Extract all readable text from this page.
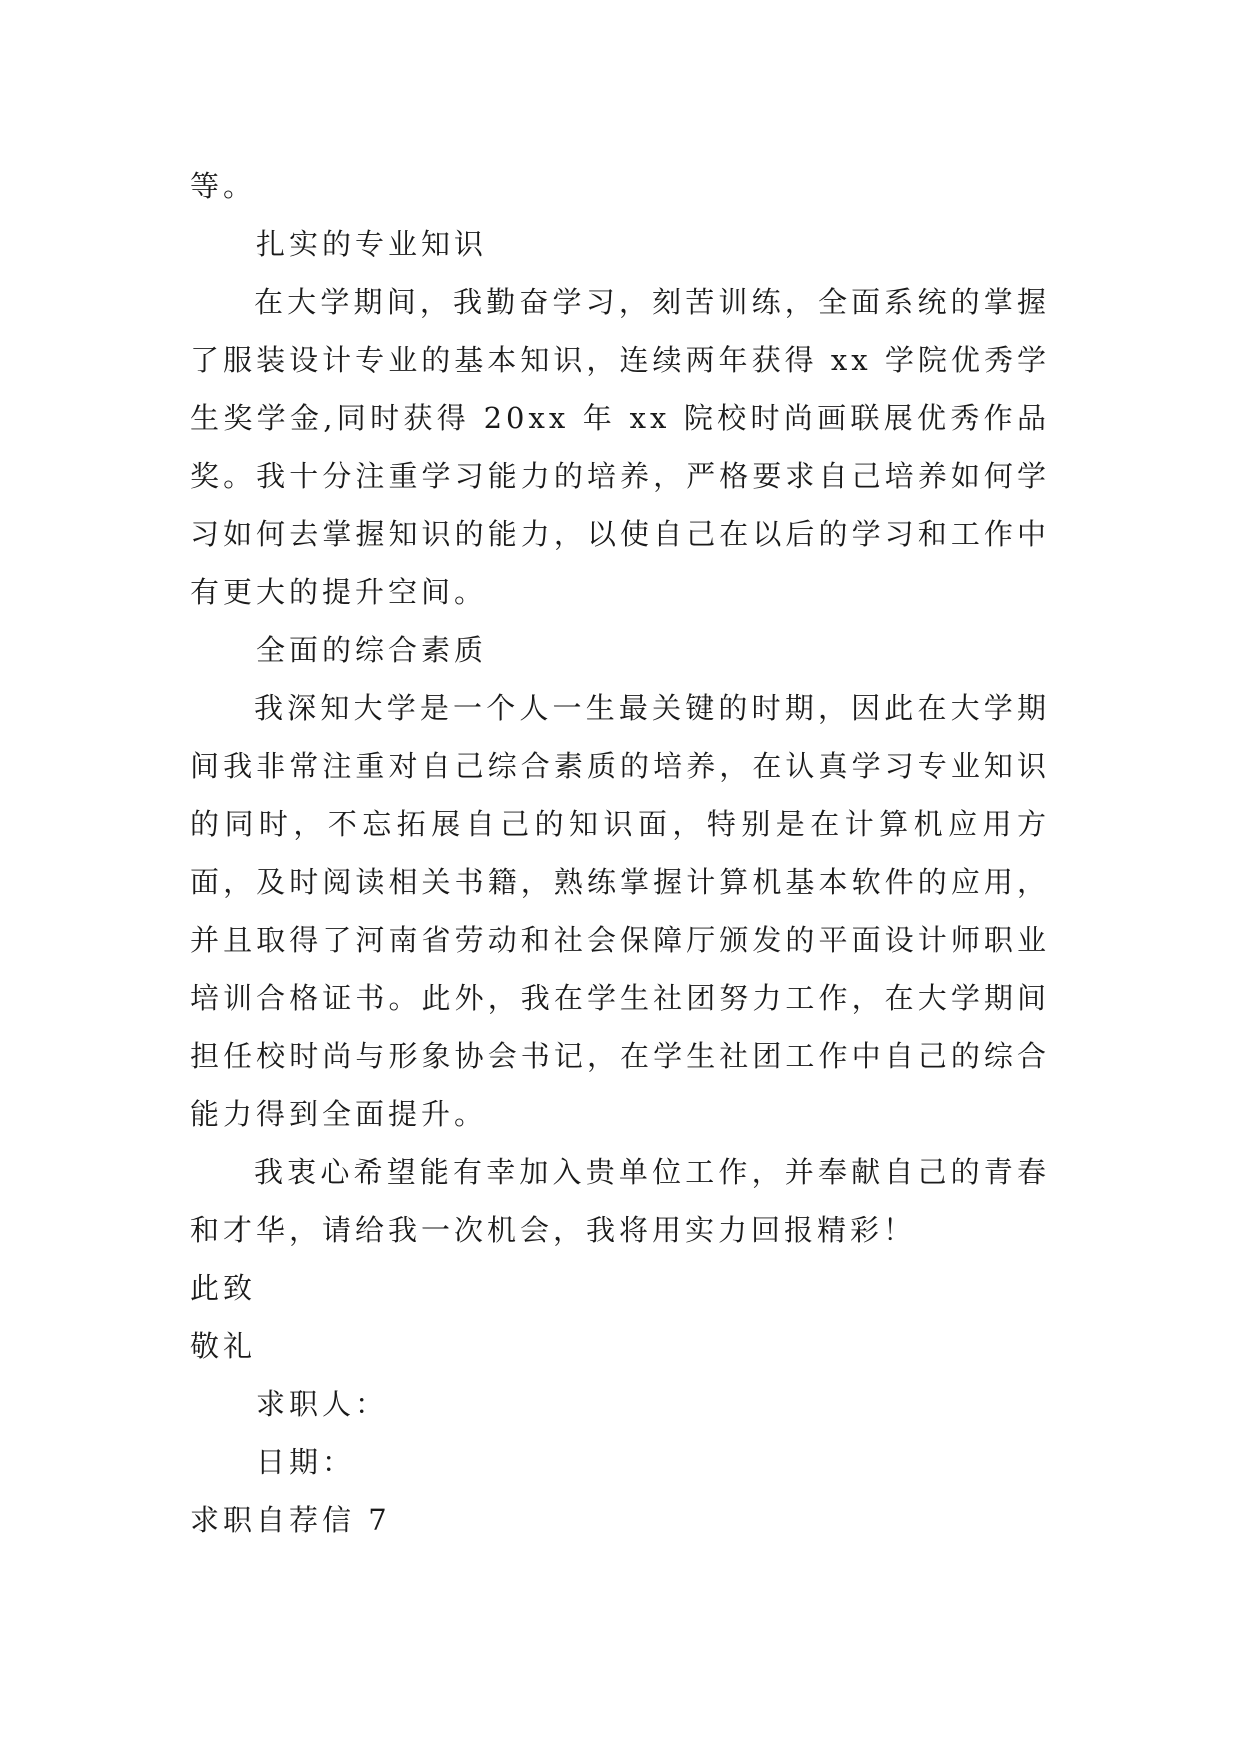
等。

扎实的专业知识

在大学期间，我勤奋学习，刻苦训练，全面系统的掌握了服装设计专业的基本知识，连续两年获得 xx 学院优秀学生奖学金,同时获得 20xx 年 xx 院校时尚画联展优秀作品奖。我十分注重学习能力的培养，严格要求自己培养如何学习如何去掌握知识的能力，以使自己在以后的学习和工作中有更大的提升空间。

全面的综合素质

我深知大学是一个人一生最关键的时期，因此在大学期间我非常注重对自己综合素质的培养，在认真学习专业知识的同时，不忘拓展自己的知识面，特别是在计算机应用方面，及时阅读相关书籍，熟练掌握计算机基本软件的应用，并且取得了河南省劳动和社会保障厅颁发的平面设计师职业培训合格证书。此外，我在学生社团努力工作，在大学期间担任校时尚与形象协会书记，在学生社团工作中自己的综合能力得到全面提升。

我衷心希望能有幸加入贵单位工作，并奉献自己的青春和才华，请给我一次机会，我将用实力回报精彩！

此致

敬礼

求职人：

日期：

求职自荐信 7
